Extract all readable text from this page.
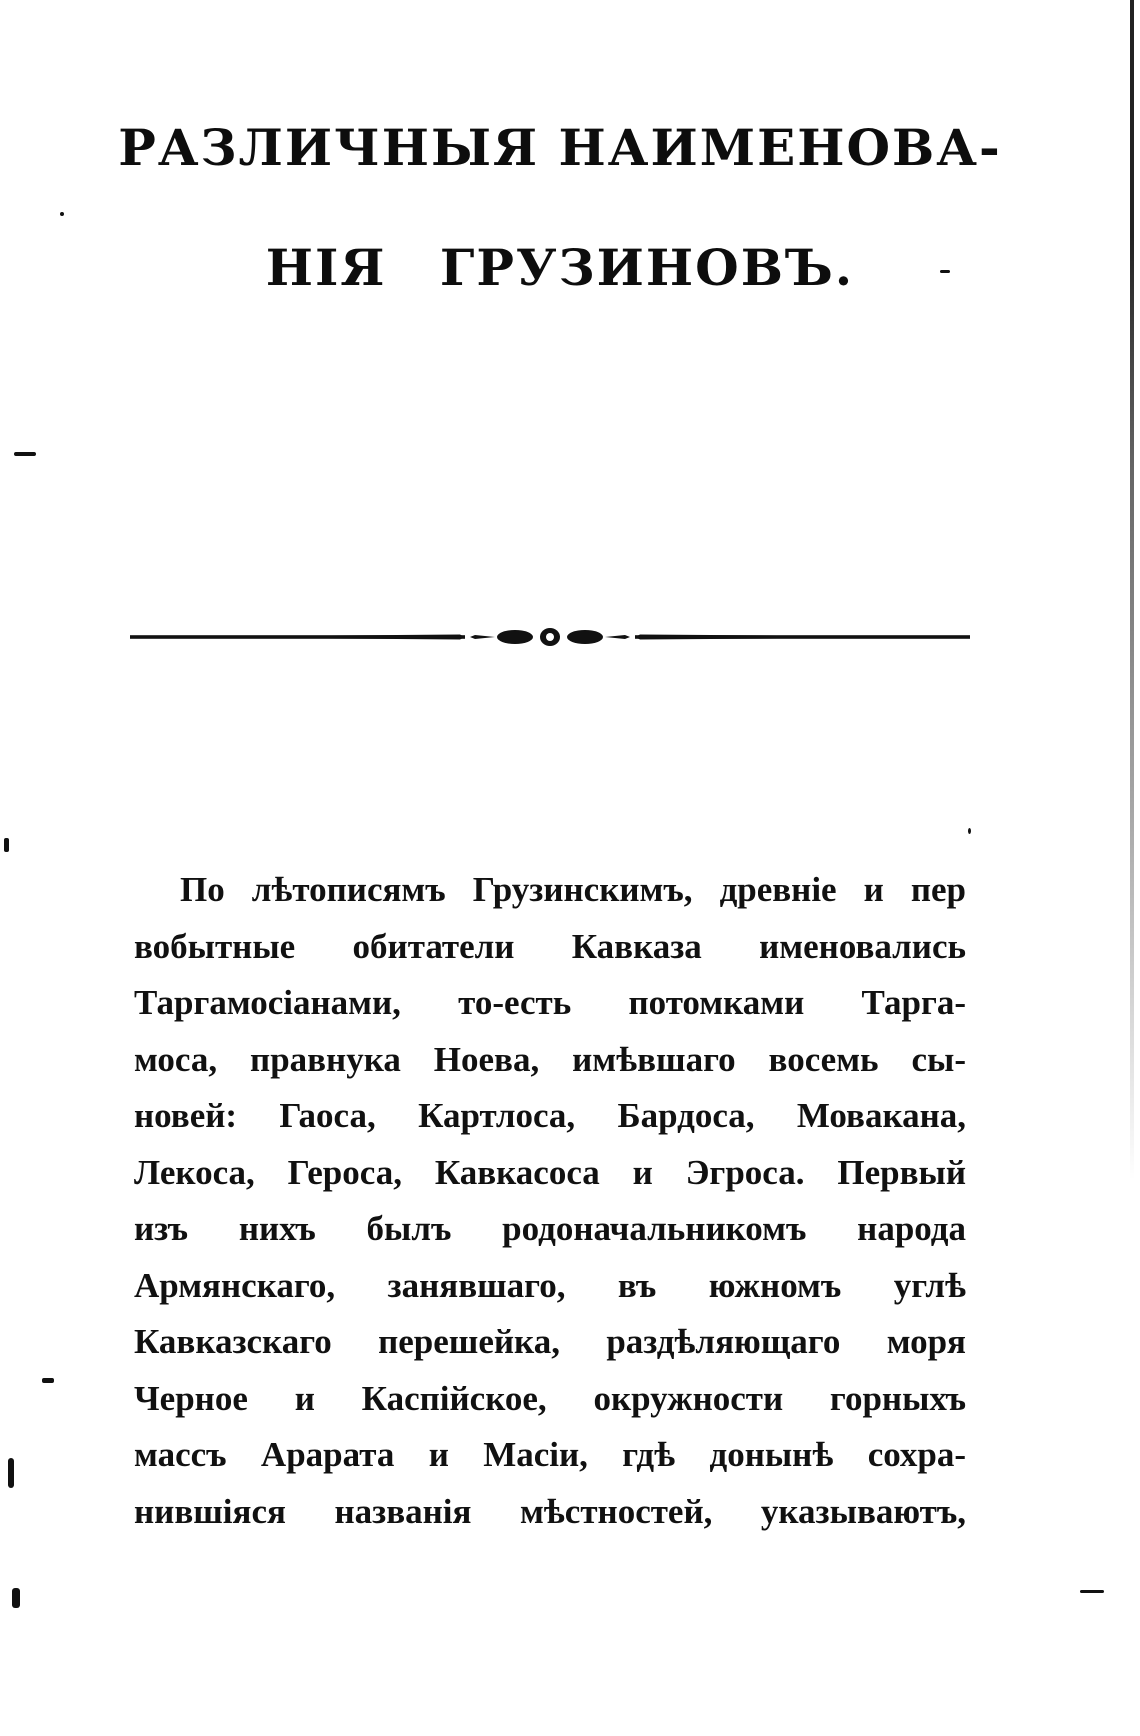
РАЗЛИЧНЫЯ НАИМЕНОВА-
НІЯ ГРУЗИНОВЪ.
По лѣтописямъ Грузинскимъ, древніе и пер
вобытные обитатели Кавказа именовались
Таргамосіанами, то-есть потомками Тарга-
моса, правнука Ноева, имѣвшаго восемь сы-
новей: Гаоса, Картлоса, Бардоса, Мовакана,
Лекоса, Героса, Кавкасоса и Эгроса. Первый
изъ нихъ былъ родоначальникомъ народа
Армянскаго, занявшаго, въ южномъ углѣ
Кавказскаго перешейка, раздѣляющаго моря
Черное и Каспійское, окружности горныхъ
массъ Арарата и Масіи, гдѣ донынѣ сохра-
нившіяся названія мѣстностей, указываютъ,
